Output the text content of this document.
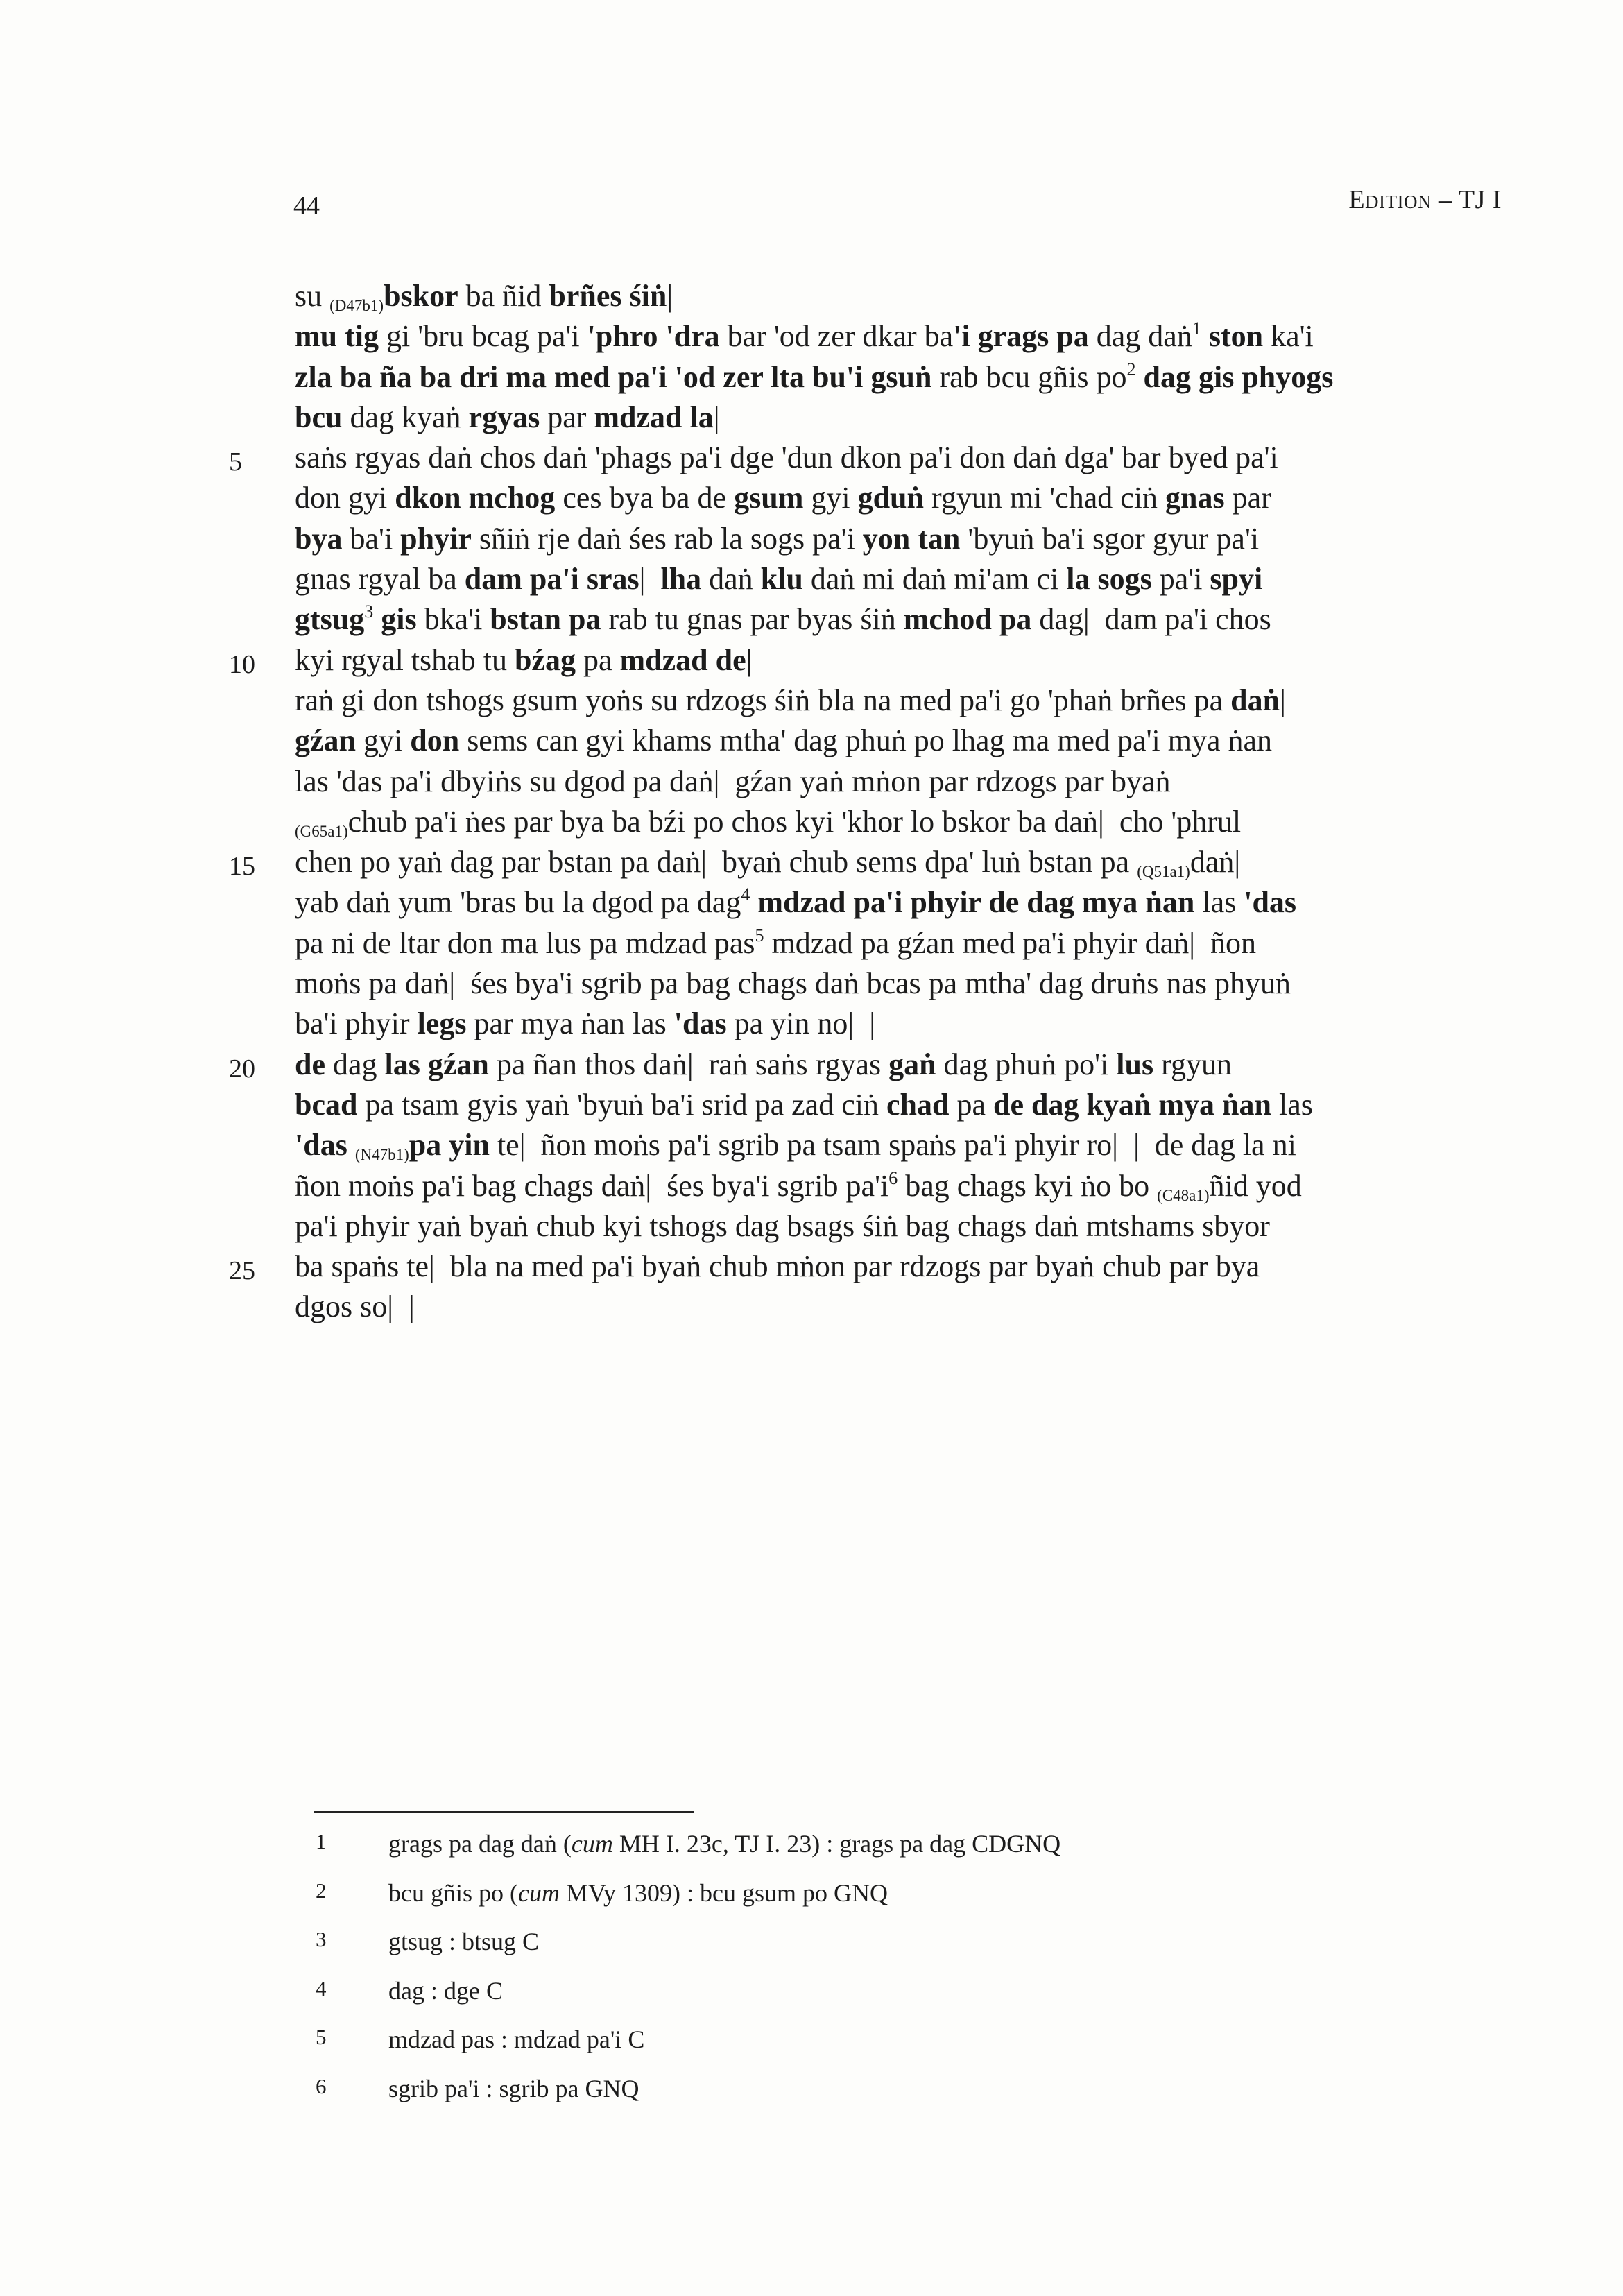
44	Edition – TJ I
5
10
15
20
25
su $_{(D47b1)}$bskor ba ñid brñes śiṅ|
mu tig gi 'bru bcag pa'i 'phro 'dra bar 'od zer dkar ba'i grags pa dag daṅ$^1$ ston ka'i
zla ba ña ba dri ma med pa'i 'od zer lta bu'i gsuṅ rab bcu gñis $po^2$ dag gis phyogs
bcu dag kyaṅ rgyas par mdzad la|
saṅs rgyas daṅ chos daṅ 'phags pa'i dge 'dun dkon pa'i don daṅ dga' bar byed pa'i
don gyi dkon mchog ces bya ba de gsum gyi gduṅ rgyun mi 'chad ciṅ gnas par
bya ba'i phyir sñiṅ rje daṅ śes rab la sogs pa'i yon tan 'byuṅ ba'i sgor gyur pa'i
gnas rgyal ba dam pa'i sras|  lha daṅ klu daṅ mi daṅ mi'am ci la sogs pa'i spyi
gtsug$^3$ gis bka'i bstan pa rab tu gnas par byas śiṅ mchod pa dag|  dam pa'i chos
kyi rgyal tshab tu bźag pa mdzad de|
raṅ gi don tshogs gsum yoṅs su rdzogs śiṅ bla na med pa'i go 'phaṅ brñes pa daṅ|
gźan gyi don sems can gyi khams mtha' dag phuṅ po lhag ma med pa'i mya ṅan
las 'das pa'i dbyiṅs su dgod pa daṅ|  gźan yaṅ mṅon par rdzogs par byaṅ
$_{(G65a1)}$chub pa'i ṅes par bya ba bźi po chos kyi 'khor lo bskor ba daṅ|  cho 'phrul
chen po yaṅ dag par bstan pa daṅ|  byaṅ chub sems dpa' luṅ bstan pa $_{(Q51a1)}$daṅ|
yab daṅ yum 'bras bu la dgod pa dag$^4$ mdzad pa'i phyir de dag mya ṅan las 'das
pa ni de ltar don ma lus pa mdzad pas$^5$ mdzad pa gźan med pa'i phyir daṅ|  ñon
moṅs pa daṅ|  śes bya'i sgrib pa bag chags daṅ bcas pa mtha' dag druṅs nas phyuṅ
ba'i phyir legs par mya ṅan las 'das pa yin no|  |
de dag las gźan pa ñan thos daṅ|  raṅ saṅs rgyas gaṅ dag phuṅ po'i lus rgyun
bcad pa tsam gyis yaṅ 'byuṅ ba'i srid pa zad ciṅ chad pa de dag kyaṅ mya ṅan las
'das $_{(N47b1)}$pa yin te|  ñon moṅs pa'i sgrib pa tsam spaṅs pa'i phyir ro|  |  de dag la ni
ñon moṅs pa'i bag chags daṅ|  śes bya'i sgrib $pa'i^6$ bag chags kyi ṅo bo $_{(C48a1)}$ñid yod
pa'i phyir yaṅ byaṅ chub kyi tshogs dag bsags śiṅ bag chags daṅ mtshams sbyor
ba spaṅs te|  bla na med pa'i byaṅ chub mṅon par rdzogs par byaṅ chub par bya
dgos so|  |
1 grags pa dag daṅ (cum MH I. 23c, TJ I. 23) : grags pa dag CDGNQ
2 bcu gñis po (cum MVy 1309) : bcu gsum po GNQ
3 gtsug : btsug C
4 dag : dge C
5 mdzad pas : mdzad pa'i C
6 sgrib pa'i : sgrib pa GNQ
